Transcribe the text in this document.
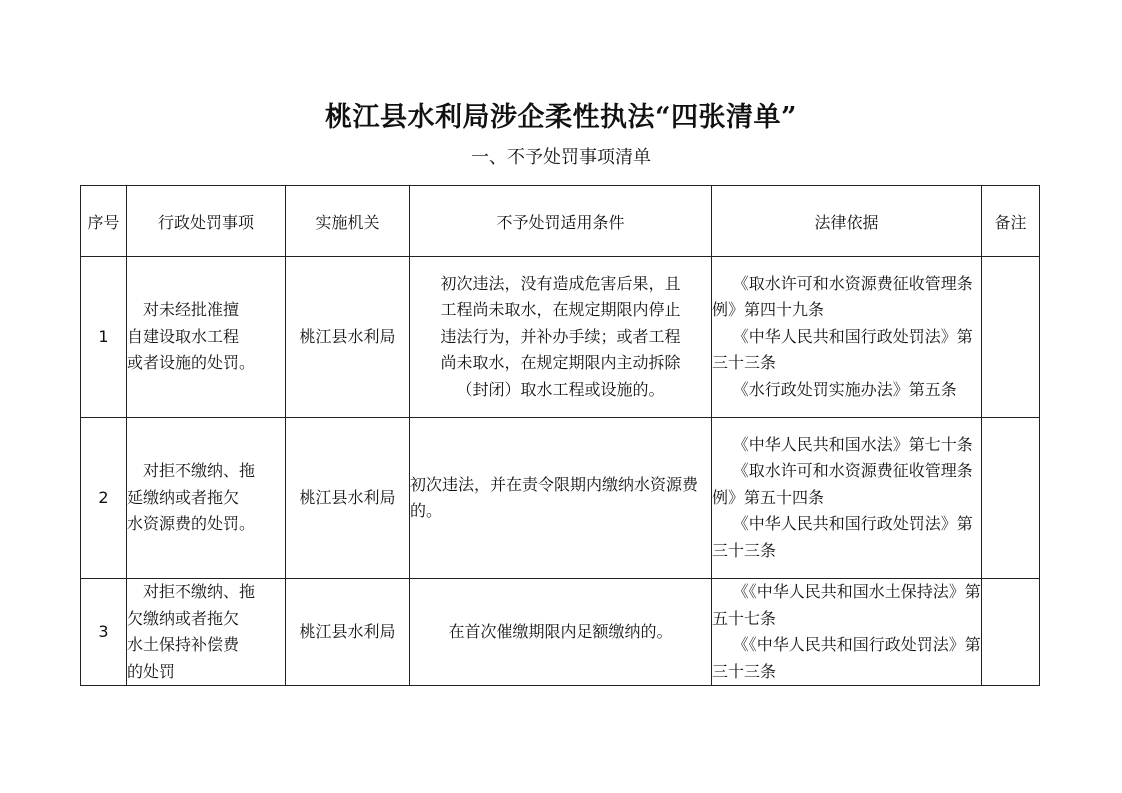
桃江县水利局涉企柔性执法“四张清单”
一、不予处罚事项清单
序号	行政处罚事项	实施机关	不予处罚适用条件	法律依据	备注

1	　对未经批准擅
自建设取水工程
或者设施的处罚。	桃江县水利局	初次违法，没有造成危害后果，且
工程尚未取水，在规定期限内停止
违法行为，并补办手续；或者工程
尚未取水，在规定期限内主动拆除
（封闭）取水工程或设施的。	《取水许可和水资源费征收管理条例》第四十九条
《中华人民共和国行政处罚法》第三十三条
《水行政处罚实施办法》第五条	

2	　对拒不缴纳、拖
延缴纳或者拖欠
水资源费的处罚。	桃江县水利局	初次违法，并在责令限期内缴纳水资源费的。	《中华人民共和国水法》第七十条
《取水许可和水资源费征收管理条例》第五十四条
《中华人民共和国行政处罚法》第三十三条	

3	　对拒不缴纳、拖
欠缴纳或者拖欠
水土保持补偿费
的处罚	桃江县水利局	在首次催缴期限内足额缴纳的。	《《中华人民共和国水土保持法》第五十七条
《《中华人民共和国行政处罚法》第三十三条	
